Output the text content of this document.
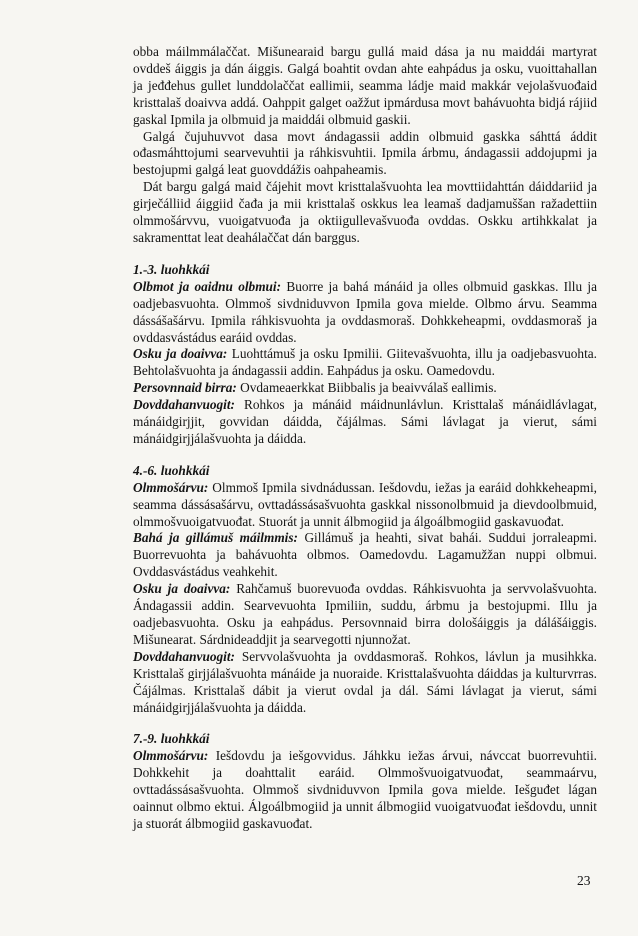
obba máilmmálaččat. Mišunearaid bargu gullá maid dása ja nu maiddái martyrat ovddeš áiggis ja dán áiggis. Galgá boahtit ovdan ahte eahpádus ja osku, vuoittahallan ja jeđđehus gullet lunddolaččat eallimii, seamma ládje maid makkár vejolašvuođaid kristtalaš doaivva addá. Oahppit galget oažžut ipmárdusa movt bahávuohta bidjá rájiid gaskal Ipmila ja olbmuid ja maiddái olbmuid gaskii.

Galgá čujuhuvvot dasa movt ándagassii addin olbmuid gaskka sáhttá áddit ođasmáhttojumi searvevuhtii ja ráhkisvuhtii. Ipmila árbmu, ándagassii addojupmi ja bestojupmi galgá leat guovddážis oahpaheamis.

Dát bargu galgá maid čájehit movt kristtalašvuohta lea movttiidahttán dáiddariid ja girječálliid áiggiid čađa ja mii kristtalaš oskkus lea leamaš dadjamuššan ražadettiin olmmošárvvu, vuoigatvuođa ja oktiigullevašvuođa ovddas. Oskku artihkkalat ja sakramenttat leat deahálaččat dán barggus.

1.-3. luohkkái

Olbmot ja oaidnu olbmui: Buorre ja bahá mánáid ja olles olbmuid gaskkas. Illu ja oadjebasvuohta. Olmmoš sivdniduvvon Ipmila gova mielde. Olbmo árvu. Seamma dássášašárvu. Ipmila ráhkisvuohta ja ovddasmoraš. Dohkkeheapmi, ovddasmoraš ja ovddasvástádus earáid ovddas.

Osku ja doaivva: Luohttámuš ja osku Ipmilii. Giitevašvuohta, illu ja oadjebasvuohta. Behtolašvuohta ja ándagassii addin. Eahpádus ja osku. Oamedovdu.

Persovnnaid birra: Ovdameaerkkat Biibbalis ja beaivválaš eallimis.

Dovddahanvuogit: Rohkos ja mánáid máidnunlávlun. Kristtalaš mánáidlávlagat, mánáidgirjjit, govvidan dáidda, čájálmas. Sámi lávlagat ja vierut, sámi mánáidgirjjálašvuohta ja dáidda.

4.-6. luohkkái

Olmmošárvu: Olmmoš Ipmila sivdnádussan. Iešdovdu, iežas ja earáid dohkkeheapmi, seamma dássásašárvu, ovttadássásašvuohta gaskkal nissonolbmuid ja dievdoolbmuid, olmmošvuoigatvuođat. Stuorát ja unnit álbmogiid ja álgoálbmogiid gaskavuođat.

Bahá ja gillámuš máilmmis: Gillámuš ja heahti, sivat bahái. Suddui jorraleapmi. Buorrevuohta ja bahávuohta olbmos. Oamedovdu. Lagamužžan nuppi olbmui. Ovddasvástádus veahkehit.

Osku ja doaivva: Rahčamuš buorevuođa ovddas. Ráhkisvuohta ja servvolašvuohta. Ándagassii addin. Searvevuohta Ipmiliin, suddu, árbmu ja bestojupmi. Illu ja oadjebasvuohta. Osku ja eahpádus. Persovnnaid birra dološáiggis ja dálášáiggis. Mišunearat. Sárdnideaddjit ja searvegotti njunnožat.

Dovddahanvuogit: Servvolašvuohta ja ovddasmoraš. Rohkos, lávlun ja musihkka. Kristtalaš girjjálašvuohta mánáide ja nuoraide. Kristtalašvuohta dáiddas ja kulturvrras. Čájálmas. Kristtalaš dábit ja vierut ovdal ja dál. Sámi lávlagat ja vierut, sámi mánáidgirjjálašvuohta ja dáidda.

7.-9. luohkkái

Olmmošárvu: Iešdovdu ja iešgovvidus. Jáhkku iežas árvui, návccat buorrevuhtii. Dohkkehit ja doahttalit earáid. Olmmošvuoigatvuođat, seammaárvu, ovttadássásašvuohta. Olmmoš sivdniduvvon Ipmila gova mielde. Iešguđet lágan oainnut olbmo ektui. Álgoálbmogiid ja unnit álbmogiid vuoigatvuođat iešdovdu, unnit ja stuorát álbmogiid gaskavuođat.

23
